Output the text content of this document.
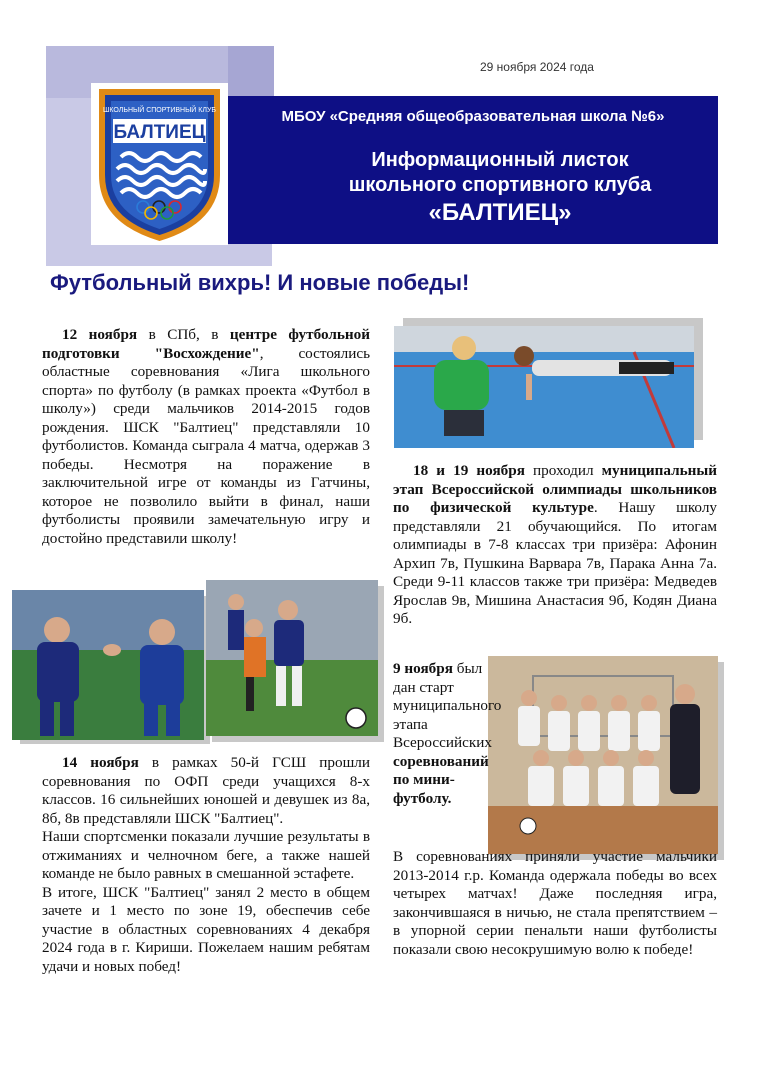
29 ноября 2024 года
ШКОЛЬНЫЙ СПОРТИВНЫЙ КЛУБ
БАЛТИЕЦ
МБОУ «Средняя общеобразовательная школа №6»
Информационный листок
школьного спортивного клуба
«БАЛТИЕЦ»
Футбольный вихрь! И новые победы!
12 ноября в СПб, в центре футбольной подготовки "Восхождение", состоялись областные соревнования «Лига школьного спорта» по футболу (в рамках проекта «Футбол в школу») среди мальчиков 2014-2015 годов рождения. ШСК "Балтиец" представляли 10 футболистов. Команда сыграла 4 матча, одержав 3 победы. Несмотря на поражение в заключительной игре от команды из Гатчины, которое не позволило выйти в финал, наши футболисты проявили замечательную игру и достойно представили школу!
14 ноября в рамках 50-й ГСШ прошли соревнования по ОФП среди учащихся 8-х классов. 16 сильнейших юношей и девушек из 8а, 8б, 8в представляли ШСК "Балтиец".
Наши спортсменки показали лучшие результаты в отжиманиях и челночном беге, а также нашей команде не было равных в смешанной эстафете.
В итоге, ШСК "Балтиец" занял 2 место в общем зачете и 1 место по зоне 19, обеспечив себе участие в областных соревнованиях 4 декабря 2024 года в г. Кириши. Пожелаем нашим ребятам удачи и новых побед!
18 и 19 ноября проходил муниципальный этап Всероссийской олимпиады школьников по физической культуре. Нашу школу представляли 21 обучающийся. По итогам олимпиады в 7-8 классах три призёра: Афонин Архип 7в, Пушкина Варвара 7в, Парака Анна 7а. Среди 9-11 классов также три призёра: Медведев Ярослав 9в, Мишина Анастасия 9б, Кодян Диана 9б.
9 ноября был дан старт муниципального этапа Всероссийских соревнований по мини-футболу.
В соревнованиях приняли участие мальчики 2013-2014 г.р. Команда одержала победы во всех четырех матчах! Даже последняя игра, закончившаяся в ничью, не стала препятствием – в упорной серии пенальти наши футболисты показали свою несокрушимую волю к победе!
